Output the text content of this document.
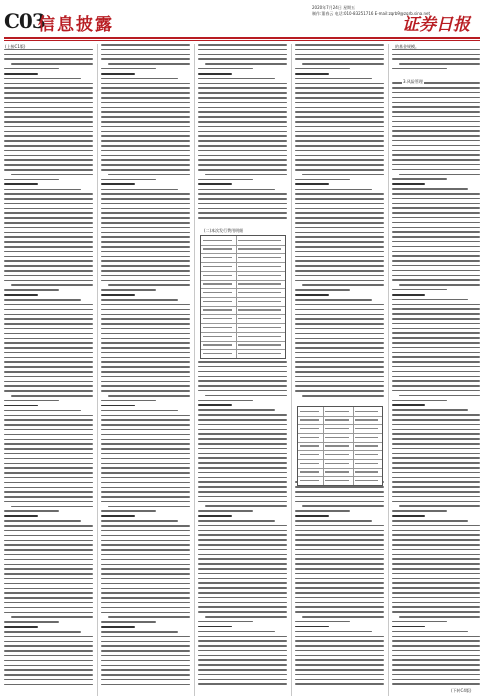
C03
信息披露
2020年7月24日 星期五
制作:董春云 电话:010-83251716 E-mail:zqrb9@zqrb.sina.net
证券日报
(上接C1版)	的基金规模。
3.风险管理
(二)本次发行费用明细
(下转C4版)
